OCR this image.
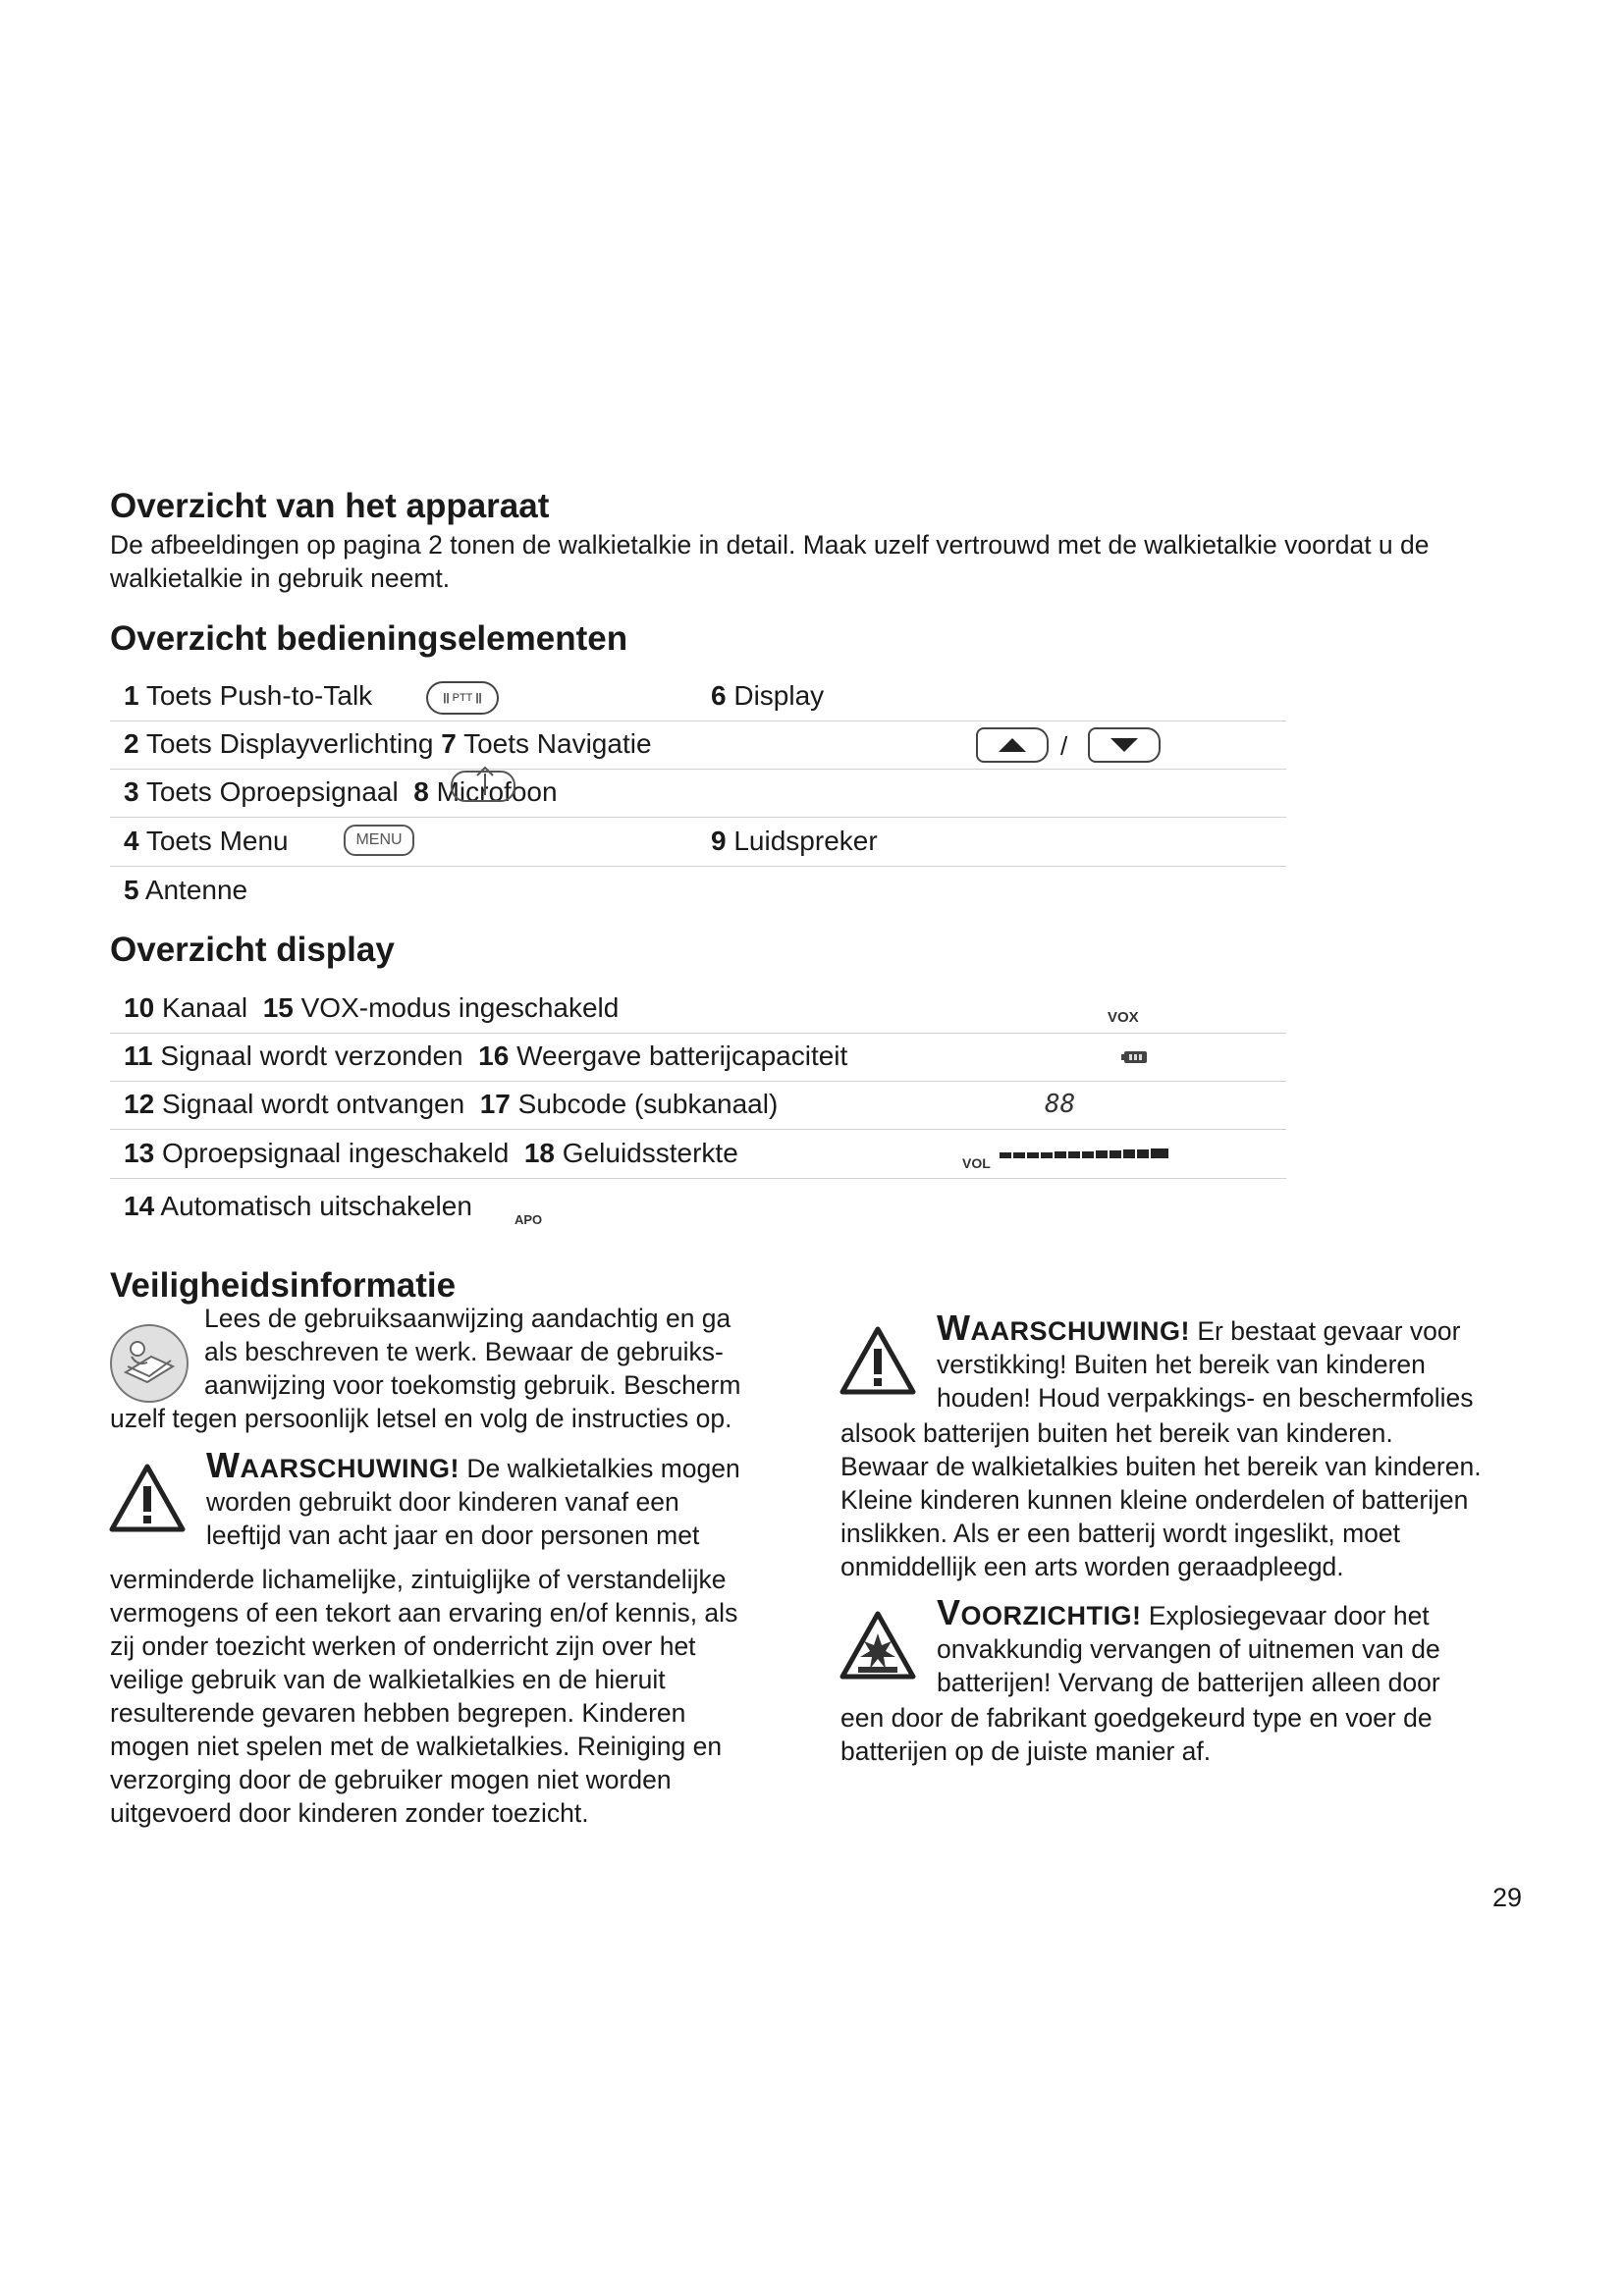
Overzicht van het apparaat
De afbeeldingen op pagina 2 tonen de walkietalkie in detail. Maak uzelf vertrouwd met de walkietalkie voordat u de
walkietalkie in gebruik neemt.
Overzicht bedieningselementen
1 Toets Push-to-Talk	|| PTT ||	6 Display
2 Toets Displayverlichting 7 Toets Navigatie	/
3 Toets Oproepsignaal 8 Microfoon
4 Toets Menu	MENU	9 Luidspreker
5 Antenne
Overzicht display
10 Kanaal 15 VOX-modus ingeschakeld	VOX
11 Signaal wordt verzonden 16 Weergave batterijcapaciteit
12 Signaal wordt ontvangen 17 Subcode (subkanaal)	88
13 Oproepsignaal ingeschakeld 18 Geluidssterkte	VOL
14 Automatisch uitschakelen	APO
Veiligheidsinformatie

Lees de gebruiksaanwijzing aandachtig en ga

als beschreven te werk. Bewaar de gebruiks-

aanwijzing voor toekomstig gebruik. Bescherm

uzelf tegen persoonlijk letsel en volg de instructies op.

WAARSCHUWING! De walkietalkies mogen

worden gebruikt door kinderen vanaf een

leeftijd van acht jaar en door personen met

verminderde lichamelijke, zintuiglijke of verstandelijke

vermogens of een tekort aan ervaring en/of kennis, als

zij onder toezicht werken of onderricht zijn over het

veilige gebruik van de walkietalkies en de hieruit

resulterende gevaren hebben begrepen. Kinderen

mogen niet spelen met de walkietalkies. Reiniging en

verzorging door de gebruiker mogen niet worden

uitgevoerd door kinderen zonder toezicht.

WAARSCHUWING! Er bestaat gevaar voor

verstikking! Buiten het bereik van kinderen

houden! Houd verpakkings- en beschermfolies

alsook batterijen buiten het bereik van kinderen.

Bewaar de walkietalkies buiten het bereik van kinderen.

Kleine kinderen kunnen kleine onderdelen of batterijen

inslikken. Als er een batterij wordt ingeslikt, moet

onmiddellijk een arts worden geraadpleegd.

VOORZICHTIG! Explosiegevaar door het

onvakkundig vervangen of uitnemen van de

batterijen! Vervang de batterijen alleen door

een door de fabrikant goedgekeurd type en voer de

batterijen op de juiste manier af.

29
